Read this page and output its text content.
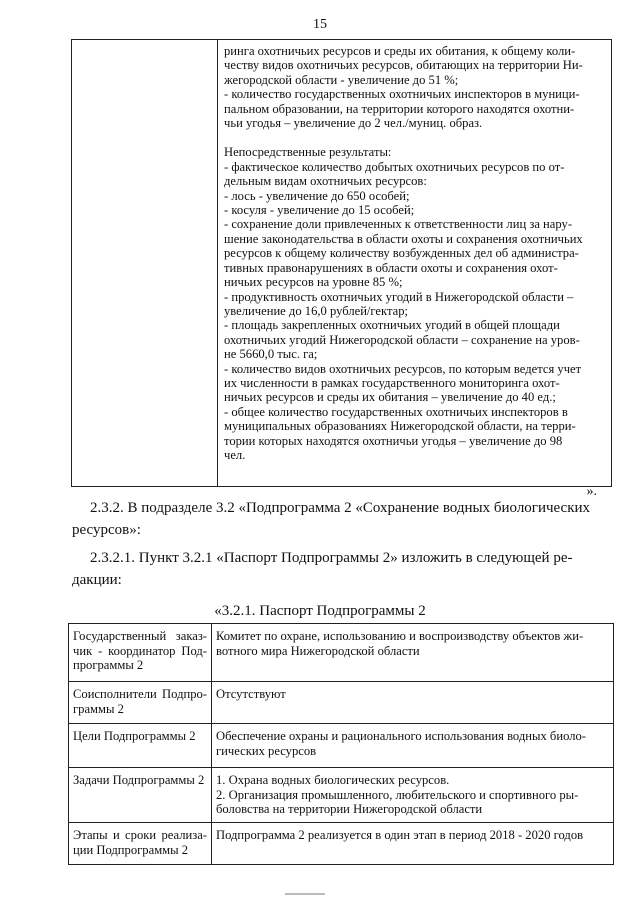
15

ринга охотничьих ресурсов и среды их обитания, к общему коли-

честву видов охотничьих ресурсов, обитающих на территории Ни-

жегородской области - увеличение до 51 %;

- количество государственных охотничьих инспекторов в муници-

пальном образовании, на территории которого находятся охотни-

чьи угодья – увеличение до 2 чел./муниц. образ.

Непосредственные результаты:

- фактическое количество добытых охотничьих ресурсов по от-

дельным видам охотничьих ресурсов:

- лось - увеличение до 650 особей;

- косуля - увеличение до 15 особей;

- сохранение доли привлеченных к ответственности лиц за нару-

шение законодательства в области охоты и сохранения охотничьих

ресурсов к общему количеству возбужденных дел об администра-

тивных правонарушениях в области охоты и сохранения охот-

ничьих ресурсов на уровне 85 %;

- продуктивность охотничьих угодий в Нижегородской области –

увеличение до 16,0 рублей/гектар;

- площадь закрепленных охотничьих угодий в общей площади

охотничьих угодий Нижегородской области – сохранение на уров-

не 5660,0 тыс. га;

- количество видов охотничьих ресурсов, по которым ведется учет

их численности в рамках государственного мониторинга охот-

ничьих ресурсов и среды их обитания – увеличение до 40 ед.;

- общее количество государственных охотничьих инспекторов в

муниципальных образованиях Нижегородской области, на терри-

тории которых находятся охотничьи угодья – увеличение до 98

чел.

».

2.3.2. В подразделе 3.2 «Подпрограмма 2 «Сохранение водных биологических
ресурсов»:

2.3.2.1. Пункт 3.2.1 «Паспорт Подпрограммы 2» изложить в следующей ре-
дакции:

«3.2.1. Паспорт Подпрограммы 2
Государственный заказ-чик - координатор Под-программы 2	Комитет по охране, использованию и воспроизводству объектов жи-вотного мира Нижегородской области
Соисполнители Подпро-граммы 2	Отсутствуют
Цели Подпрограммы 2	Обеспечение охраны и рационального использования водных биоло-гических ресурсов
Задачи Подпрограммы 2	1. Охрана водных биологических ресурсов.
2. Организация промышленного, любительского и спортивного ры-боловства на территории Нижегородской области
Этапы и сроки реализа-ции Подпрограммы 2	Подпрограмма 2 реализуется в один этап в период 2018 - 2020 годов
